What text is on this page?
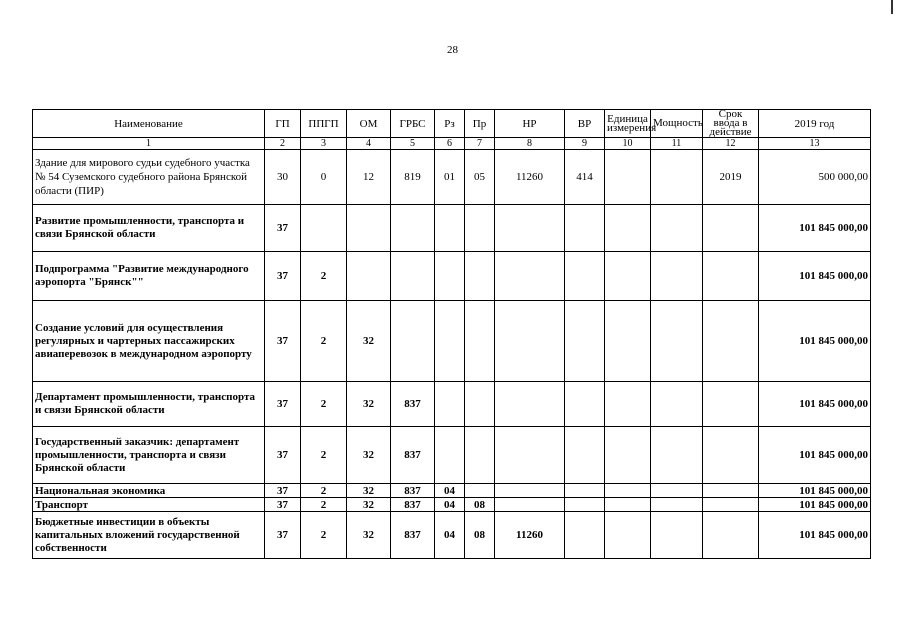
28
Наименование	ГП	ППГП	ОМ	ГРБС	Рз	Пр	НР	ВР	Единица измерения	Мощность	Срок ввода в действие	2019 год
1	2	3	4	5	6	7	8	9	10	11	12	13
Здание для мирового судьи судебного участка № 54 Суземского судебного района Брянской области (ПИР)	30	0	12	819	01	05	11260	414			2019	500 000,00
Развитие промышленности, транспорта и связи Брянской области	37											101 845 000,00
Подпрограмма "Развитие международного аэропорта "Брянск""	37	2										101 845 000,00
Создание условий для осуществления регулярных и чартерных пассажирских авиаперевозок в международном аэропорту	37	2	32									101 845 000,00
Департамент промышленности, транспорта и связи Брянской области	37	2	32	837								101 845 000,00
Государственный заказчик: департамент промышленности, транспорта и связи Брянской области	37	2	32	837								101 845 000,00
Национальная экономика	37	2	32	837	04							101 845 000,00
Транспорт	37	2	32	837	04	08						101 845 000,00
Бюджетные инвестиции в объекты капитальных вложений государственной собственности	37	2	32	837	04	08	11260					101 845 000,00
